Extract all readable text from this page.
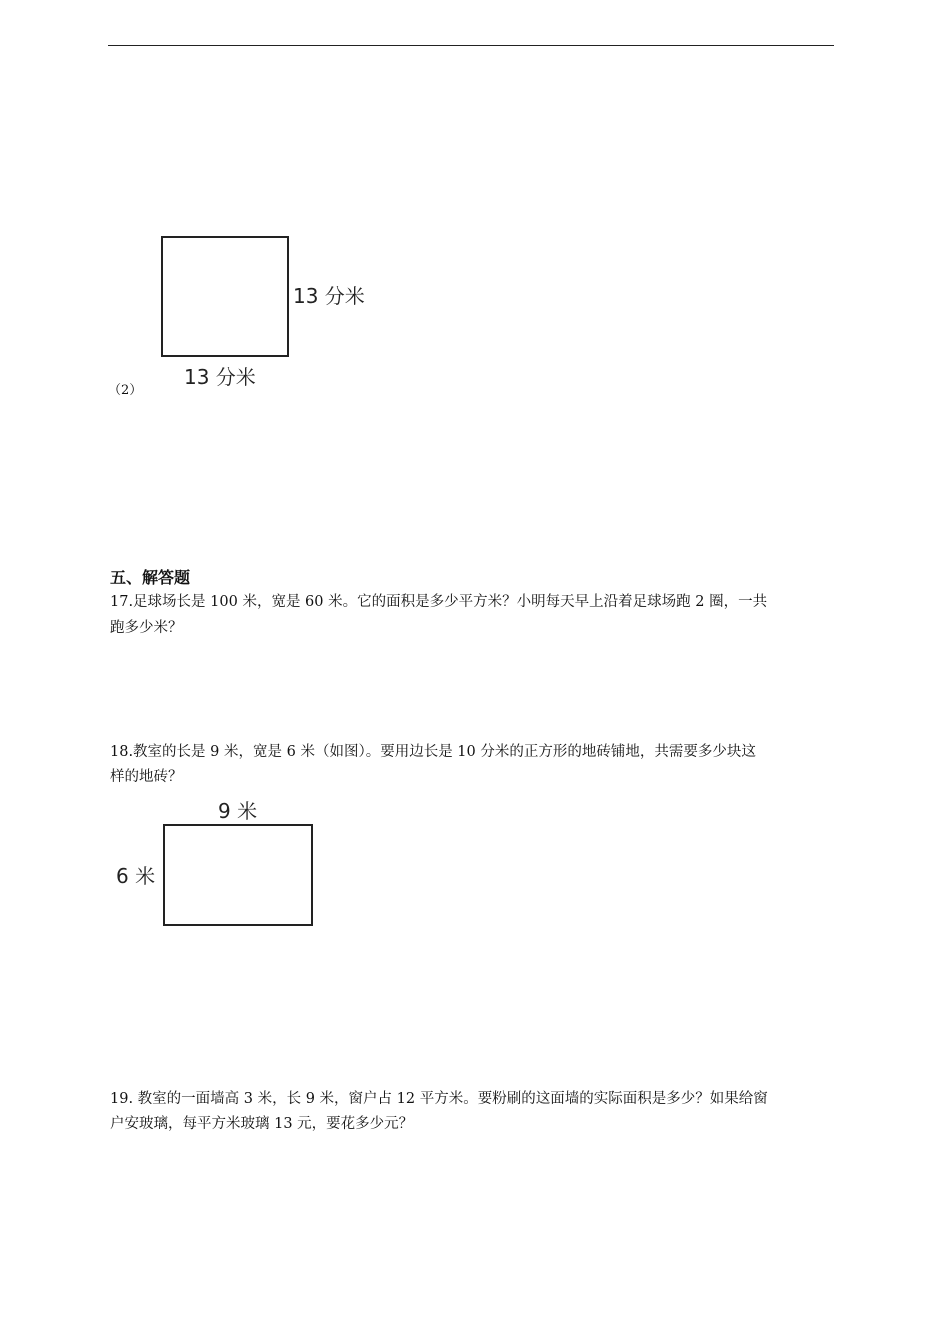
13 分米
13 分米
（2）
五、解答题
17.足球场长是 100 米，宽是 60 米。它的面积是多少平方米？小明每天早上沿着足球场跑 2 圈，一共
跑多少米？
18.教室的长是 9 米，宽是 6 米（如图）。要用边长是 10 分米的正方形的地砖铺地，共需要多少块这
样的地砖？
9 米
6 米
19. 教室的一面墙高 3 米，长 9 米，窗户占 12 平方米。要粉刷的这面墙的实际面积是多少？如果给窗
户安玻璃，每平方米玻璃 13 元，要花多少元？
